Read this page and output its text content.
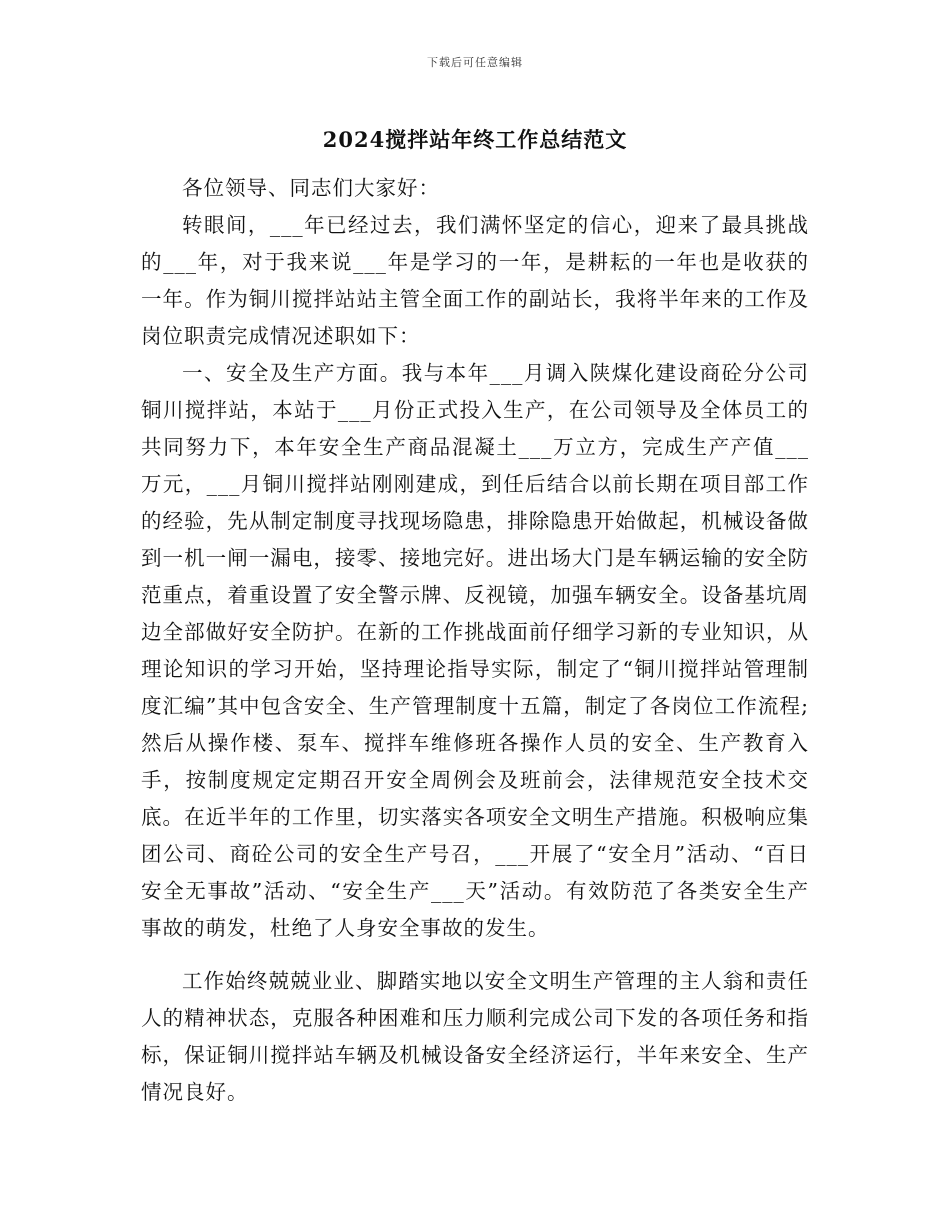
下载后可任意编辑
2024搅拌站年终工作总结范文

各位领导、同志们大家好：

转眼间，___年已经过去，我们满怀坚定的信心，迎来了最具挑战的___年，对于我来说___年是学习的一年，是耕耘的一年也是收获的一年。作为铜川搅拌站站主管全面工作的副站长，我将半年来的工作及岗位职责完成情况述职如下：

一、安全及生产方面。我与本年___月调入陕煤化建设商砼分公司铜川搅拌站，本站于___月份正式投入生产，在公司领导及全体员工的共同努力下，本年安全生产商品混凝土___万立方，完成生产产值___万元，___月铜川搅拌站刚刚建成，到任后结合以前长期在项目部工作的经验，先从制定制度寻找现场隐患，排除隐患开始做起，机械设备做到一机一闸一漏电，接零、接地完好。进出场大门是车辆运输的安全防范重点，着重设置了安全警示牌、反视镜，加强车辆安全。设备基坑周边全部做好安全防护。在新的工作挑战面前仔细学习新的专业知识，从理论知识的学习开始，坚持理论指导实际，制定了“铜川搅拌站管理制度汇编”其中包含安全、生产管理制度十五篇，制定了各岗位工作流程;然后从操作楼、泵车、搅拌车维修班各操作人员的安全、生产教育入手，按制度规定定期召开安全周例会及班前会，法律规范安全技术交底。在近半年的工作里，切实落实各项安全文明生产措施。积极响应集团公司、商砼公司的安全生产号召，___开展了“安全月”活动、“百日安全无事故”活动、“安全生产___天”活动。有效防范了各类安全生产事故的萌发，杜绝了人身安全事故的发生。

工作始终兢兢业业、脚踏实地以安全文明生产管理的主人翁和责任人的精神状态，克服各种困难和压力顺利完成公司下发的各项任务和指标，保证铜川搅拌站车辆及机械设备安全经济运行，半年来安全、生产情况良好。
